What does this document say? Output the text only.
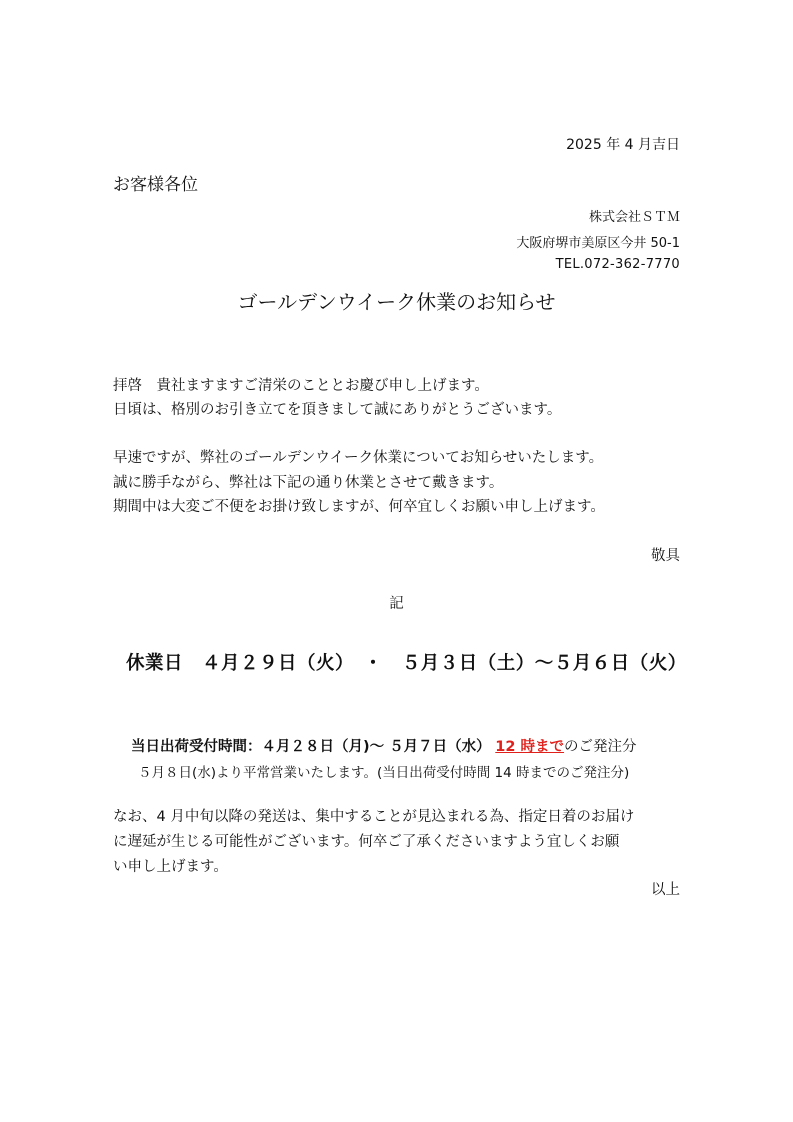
2025 年 4 月吉日
お客様各位
株式会社ＳＴＭ
大阪府堺市美原区今井 50-1
TEL.072-362-7770
ゴールデンウイーク休業のお知らせ
拝啓　貴社ますますご清栄のこととお慶び申し上げます。
日頃は、格別のお引き立てを頂きまして誠にありがとうございます。
早速ですが、弊社のゴールデンウイーク休業についてお知らせいたします。
誠に勝手ながら、弊社は下記の通り休業とさせて戴きます。
期間中は大変ご不便をお掛け致しますが、何卒宜しくお願い申し上げます。
敬具
記
休業日　４月２９日（火）　・　５月３日（土）～５月６日（火）
当日出荷受付時間：４月２８日（月)～ ５月７日（水） 12 時までのご発注分
５月８日(水)より平常営業いたします。(当日出荷受付時間 14 時までのご発注分)
なお、4 月中旬以降の発送は、集中することが見込まれる為、指定日着のお届け
に遅延が生じる可能性がございます。何卒ご了承くださいますよう宜しくお願
い申し上げます。
以上
